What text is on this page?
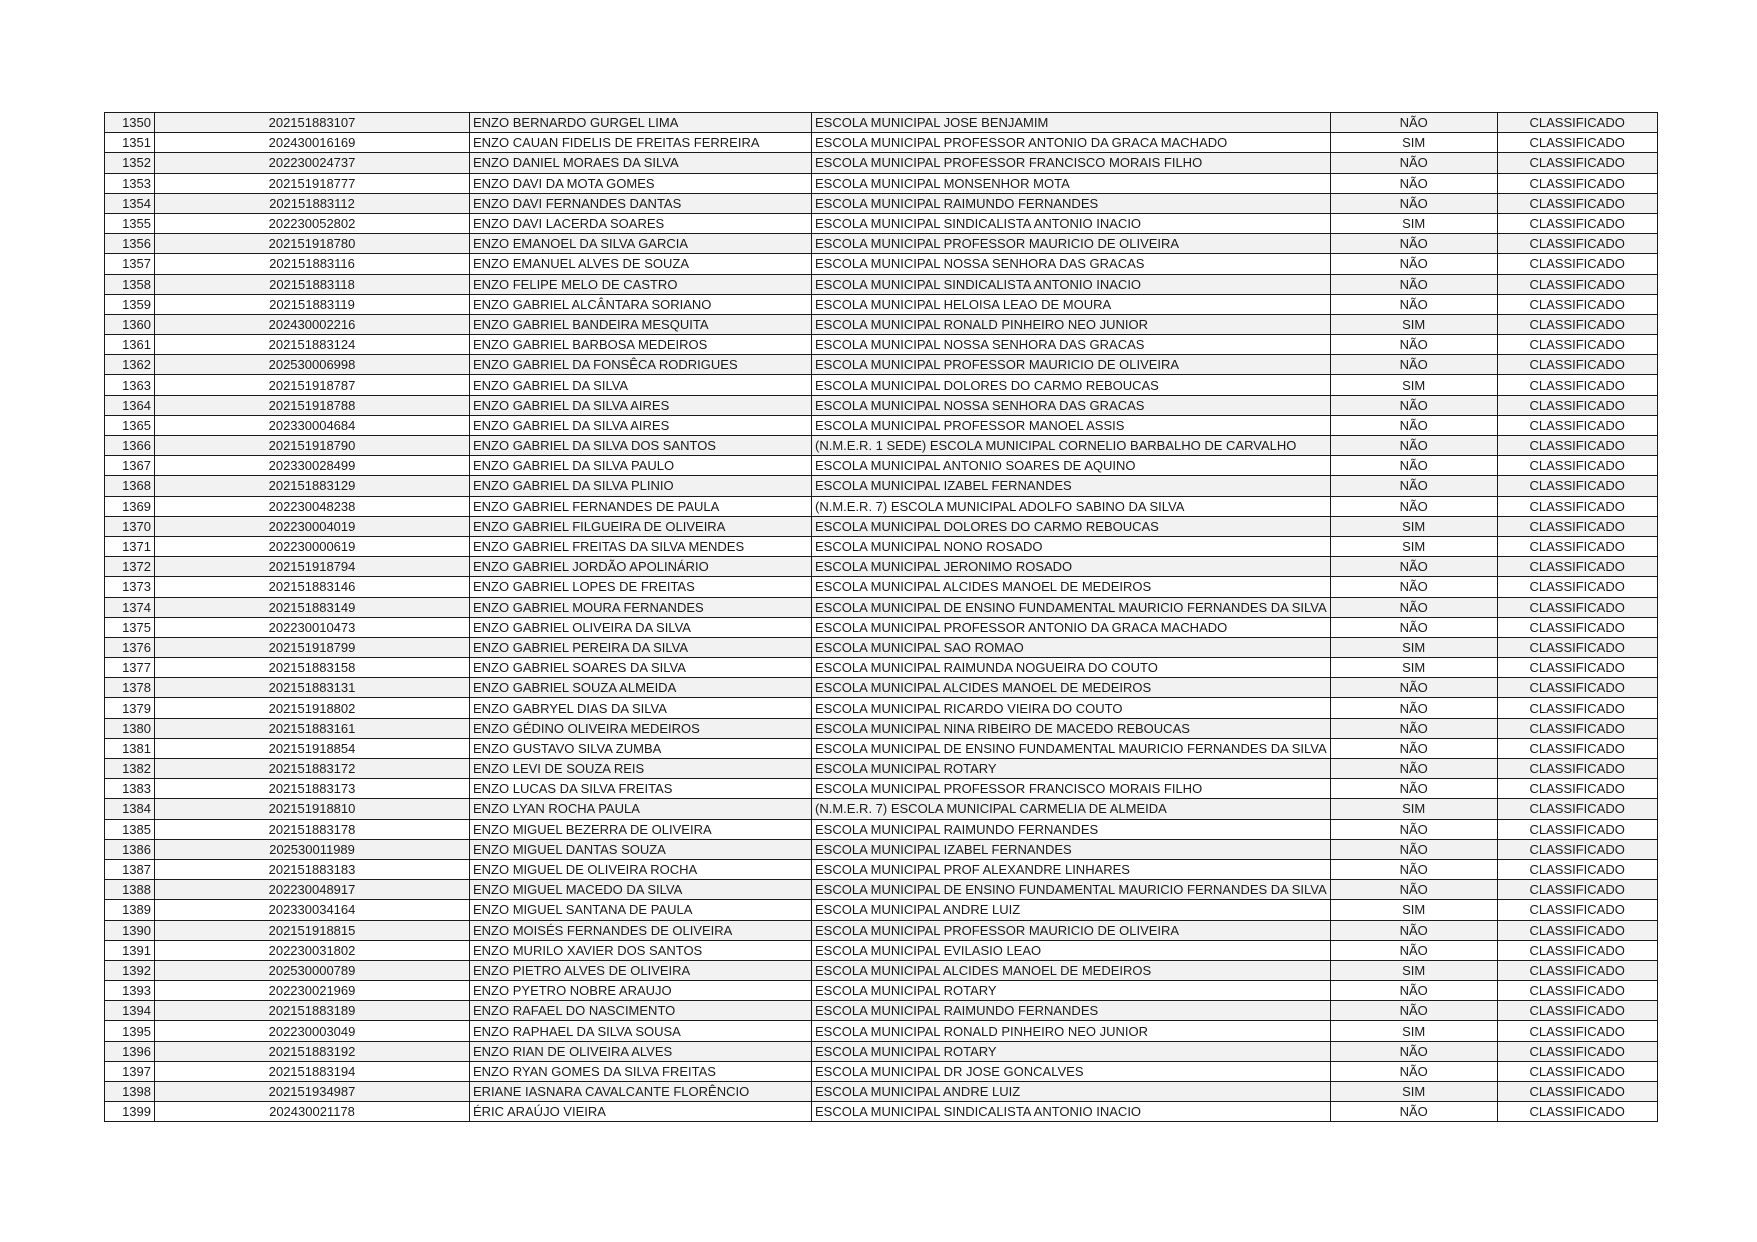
1350	202151883107	ENZO BERNARDO GURGEL LIMA	ESCOLA MUNICIPAL JOSE BENJAMIM	NÃO	CLASSIFICADO
1351	202430016169	ENZO CAUAN FIDELIS DE FREITAS FERREIRA	ESCOLA MUNICIPAL PROFESSOR ANTONIO DA GRACA MACHADO	SIM	CLASSIFICADO
1352	202230024737	ENZO DANIEL MORAES DA SILVA	ESCOLA MUNICIPAL PROFESSOR FRANCISCO MORAIS FILHO	NÃO	CLASSIFICADO
1353	202151918777	ENZO DAVI DA MOTA GOMES	ESCOLA MUNICIPAL MONSENHOR MOTA	NÃO	CLASSIFICADO
1354	202151883112	ENZO DAVI FERNANDES DANTAS	ESCOLA MUNICIPAL RAIMUNDO FERNANDES	NÃO	CLASSIFICADO
1355	202230052802	ENZO DAVI LACERDA SOARES	ESCOLA MUNICIPAL SINDICALISTA ANTONIO INACIO	SIM	CLASSIFICADO
1356	202151918780	ENZO EMANOEL DA SILVA GARCIA	ESCOLA MUNICIPAL PROFESSOR MAURICIO DE OLIVEIRA	NÃO	CLASSIFICADO
1357	202151883116	ENZO EMANUEL ALVES DE SOUZA	ESCOLA MUNICIPAL NOSSA SENHORA DAS GRACAS	NÃO	CLASSIFICADO
1358	202151883118	ENZO FELIPE MELO DE CASTRO	ESCOLA MUNICIPAL SINDICALISTA ANTONIO INACIO	NÃO	CLASSIFICADO
1359	202151883119	ENZO GABRIEL ALCÂNTARA SORIANO	ESCOLA MUNICIPAL HELOISA LEAO DE MOURA	NÃO	CLASSIFICADO
1360	202430002216	ENZO GABRIEL BANDEIRA MESQUITA	ESCOLA MUNICIPAL RONALD PINHEIRO NEO JUNIOR	SIM	CLASSIFICADO
1361	202151883124	ENZO GABRIEL BARBOSA MEDEIROS	ESCOLA MUNICIPAL NOSSA SENHORA DAS GRACAS	NÃO	CLASSIFICADO
1362	202530006998	ENZO GABRIEL DA FONSÊCA RODRIGUES	ESCOLA MUNICIPAL PROFESSOR MAURICIO DE OLIVEIRA	NÃO	CLASSIFICADO
1363	202151918787	ENZO GABRIEL DA SILVA	ESCOLA MUNICIPAL DOLORES DO CARMO REBOUCAS	SIM	CLASSIFICADO
1364	202151918788	ENZO GABRIEL DA SILVA AIRES	ESCOLA MUNICIPAL NOSSA SENHORA DAS GRACAS	NÃO	CLASSIFICADO
1365	202330004684	ENZO GABRIEL DA SILVA AIRES	ESCOLA MUNICIPAL PROFESSOR MANOEL ASSIS	NÃO	CLASSIFICADO
1366	202151918790	ENZO GABRIEL DA SILVA DOS SANTOS	(N.M.E.R. 1 SEDE) ESCOLA MUNICIPAL CORNELIO BARBALHO DE CARVALHO	NÃO	CLASSIFICADO
1367	202330028499	ENZO GABRIEL DA SILVA PAULO	ESCOLA MUNICIPAL ANTONIO SOARES DE AQUINO	NÃO	CLASSIFICADO
1368	202151883129	ENZO GABRIEL DA SILVA PLINIO	ESCOLA MUNICIPAL IZABEL FERNANDES	NÃO	CLASSIFICADO
1369	202230048238	ENZO GABRIEL FERNANDES DE PAULA	(N.M.E.R. 7) ESCOLA MUNICIPAL ADOLFO SABINO DA SILVA	NÃO	CLASSIFICADO
1370	202230004019	ENZO GABRIEL FILGUEIRA DE OLIVEIRA	ESCOLA MUNICIPAL DOLORES DO CARMO REBOUCAS	SIM	CLASSIFICADO
1371	202230000619	ENZO GABRIEL FREITAS DA SILVA MENDES	ESCOLA MUNICIPAL NONO ROSADO	SIM	CLASSIFICADO
1372	202151918794	ENZO GABRIEL JORDÃO APOLINÁRIO	ESCOLA MUNICIPAL JERONIMO ROSADO	NÃO	CLASSIFICADO
1373	202151883146	ENZO GABRIEL LOPES DE FREITAS	ESCOLA MUNICIPAL ALCIDES MANOEL DE MEDEIROS	NÃO	CLASSIFICADO
1374	202151883149	ENZO GABRIEL MOURA FERNANDES	ESCOLA MUNICIPAL DE ENSINO FUNDAMENTAL MAURICIO FERNANDES DA SILVA	NÃO	CLASSIFICADO
1375	202230010473	ENZO GABRIEL OLIVEIRA DA SILVA	ESCOLA MUNICIPAL PROFESSOR ANTONIO DA GRACA MACHADO	NÃO	CLASSIFICADO
1376	202151918799	ENZO GABRIEL PEREIRA DA SILVA	ESCOLA MUNICIPAL SAO ROMAO	SIM	CLASSIFICADO
1377	202151883158	ENZO GABRIEL SOARES DA SILVA	ESCOLA MUNICIPAL RAIMUNDA NOGUEIRA DO COUTO	SIM	CLASSIFICADO
1378	202151883131	ENZO GABRIEL SOUZA ALMEIDA	ESCOLA MUNICIPAL ALCIDES MANOEL DE MEDEIROS	NÃO	CLASSIFICADO
1379	202151918802	ENZO GABRYEL DIAS DA SILVA	ESCOLA MUNICIPAL RICARDO VIEIRA DO COUTO	NÃO	CLASSIFICADO
1380	202151883161	ENZO GÉDINO OLIVEIRA MEDEIROS	ESCOLA MUNICIPAL NINA RIBEIRO DE MACEDO REBOUCAS	NÃO	CLASSIFICADO
1381	202151918854	ENZO GUSTAVO SILVA ZUMBA	ESCOLA MUNICIPAL DE ENSINO FUNDAMENTAL MAURICIO FERNANDES DA SILVA	NÃO	CLASSIFICADO
1382	202151883172	ENZO LEVI DE SOUZA REIS	ESCOLA MUNICIPAL ROTARY	NÃO	CLASSIFICADO
1383	202151883173	ENZO LUCAS DA SILVA FREITAS	ESCOLA MUNICIPAL PROFESSOR FRANCISCO MORAIS FILHO	NÃO	CLASSIFICADO
1384	202151918810	ENZO LYAN ROCHA PAULA	(N.M.E.R. 7) ESCOLA MUNICIPAL CARMELIA DE ALMEIDA	SIM	CLASSIFICADO
1385	202151883178	ENZO MIGUEL BEZERRA DE OLIVEIRA	ESCOLA MUNICIPAL RAIMUNDO FERNANDES	NÃO	CLASSIFICADO
1386	202530011989	ENZO MIGUEL DANTAS SOUZA	ESCOLA MUNICIPAL IZABEL FERNANDES	NÃO	CLASSIFICADO
1387	202151883183	ENZO MIGUEL DE OLIVEIRA ROCHA	ESCOLA MUNICIPAL PROF ALEXANDRE LINHARES	NÃO	CLASSIFICADO
1388	202230048917	ENZO MIGUEL MACEDO DA SILVA	ESCOLA MUNICIPAL DE ENSINO FUNDAMENTAL MAURICIO FERNANDES DA SILVA	NÃO	CLASSIFICADO
1389	202330034164	ENZO MIGUEL SANTANA DE PAULA	ESCOLA MUNICIPAL ANDRE LUIZ	SIM	CLASSIFICADO
1390	202151918815	ENZO MOISÉS FERNANDES DE OLIVEIRA	ESCOLA MUNICIPAL PROFESSOR MAURICIO DE OLIVEIRA	NÃO	CLASSIFICADO
1391	202230031802	ENZO MURILO XAVIER DOS SANTOS	ESCOLA MUNICIPAL EVILASIO LEAO	NÃO	CLASSIFICADO
1392	202530000789	ENZO PIETRO ALVES DE OLIVEIRA	ESCOLA MUNICIPAL ALCIDES MANOEL DE MEDEIROS	SIM	CLASSIFICADO
1393	202230021969	ENZO PYETRO NOBRE ARAUJO	ESCOLA MUNICIPAL ROTARY	NÃO	CLASSIFICADO
1394	202151883189	ENZO RAFAEL DO NASCIMENTO	ESCOLA MUNICIPAL RAIMUNDO FERNANDES	NÃO	CLASSIFICADO
1395	202230003049	ENZO RAPHAEL DA SILVA SOUSA	ESCOLA MUNICIPAL RONALD PINHEIRO NEO JUNIOR	SIM	CLASSIFICADO
1396	202151883192	ENZO RIAN DE OLIVEIRA ALVES	ESCOLA MUNICIPAL ROTARY	NÃO	CLASSIFICADO
1397	202151883194	ENZO RYAN GOMES DA SILVA FREITAS	ESCOLA MUNICIPAL DR JOSE GONCALVES	NÃO	CLASSIFICADO
1398	202151934987	ERIANE IASNARA CAVALCANTE FLORÊNCIO	ESCOLA MUNICIPAL ANDRE LUIZ	SIM	CLASSIFICADO
1399	202430021178	ÉRIC ARAÚJO VIEIRA	ESCOLA MUNICIPAL SINDICALISTA ANTONIO INACIO	NÃO	CLASSIFICADO
